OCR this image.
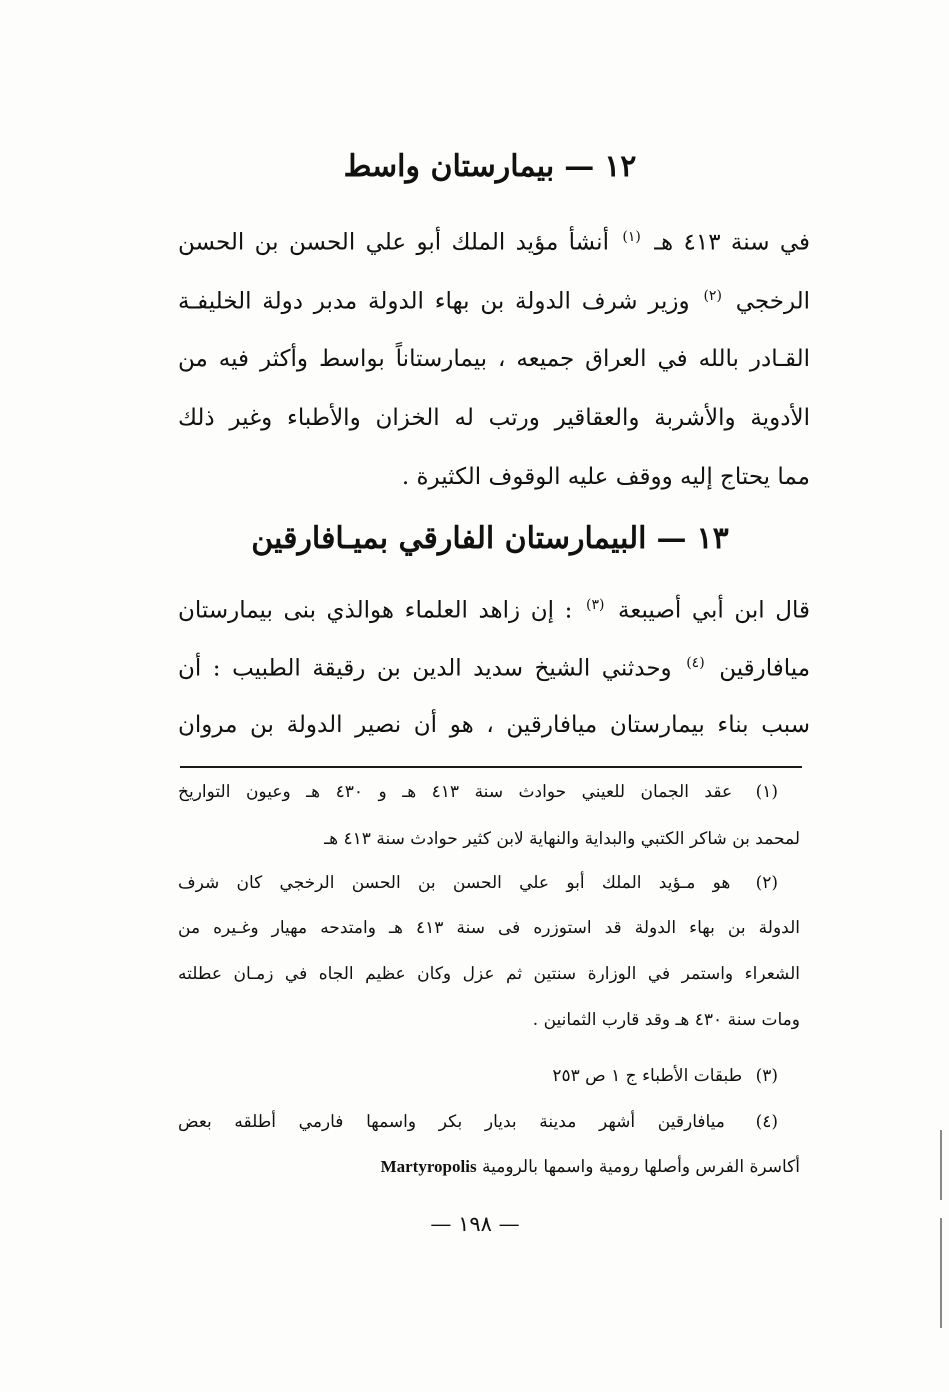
١٢—بيمارستان واسط
في سنة ٤١٣ هـ $^{(١)}$ أنشأ مؤيد الملك أبو علي الحسن بن الحسن
الرخجي $^{(٢)}$ وزير شرف الدولة بن بهاء الدولة مدبر دولة الخليفـة
القـادر بالله في العراق جميعه ، بيمارستاناً بواسط وأكثر فيه من
الأدوية والأشربة والعقاقير ورتب له الخزان والأطباء وغير ذلك
مما يحتاج إليه ووقف عليه الوقوف الكثيرة .
١٣—البيمارستان الفارقي بميـافارقين
قال ابن أبي أصيبعة $^{(٣)}$ : إن زاهد العلماء هوالذي بنى بيمارستان
ميافارقين $^{(٤)}$ وحدثني الشيخ سديد الدين بن رقيقة الطبيب : أن
سبب بناء بيمارستان ميافارقين ، هو أن نصير الدولة بن مروان
(١) عقد الجمان للعيني حوادث سنة ٤١٣ هـ و ٤٣٠ هـ وعيون التواريخ
لمحمد بن شاكر الكتبي والبداية والنهاية لابن كثير حوادث سنة ٤١٣ هـ
(٢) هو مـؤيد الملك أبو علي الحسن بن الحسن الرخجي كان شرف
الدولة بن بهاء الدولة قد استوزره فى سنة ٤١٣ هـ وامتدحه مهيار وغـيره من
الشعراء واستمر في الوزارة سنتين ثم عزل وكان عظيم الجاه في زمـان عطلته
ومات سنة ٤٣٠ هـ وقد قارب الثمانين .
(٣) طبقات الأطباء ج ١ ص ٢٥٣
(٤) ميافارقين أشهر مدينة بديار بكر واسمها فارمي أطلقه بعض
أكاسرة الفرس وأصلها رومية واسمها بالرومية Martyropolis
— ١٩٨ —
